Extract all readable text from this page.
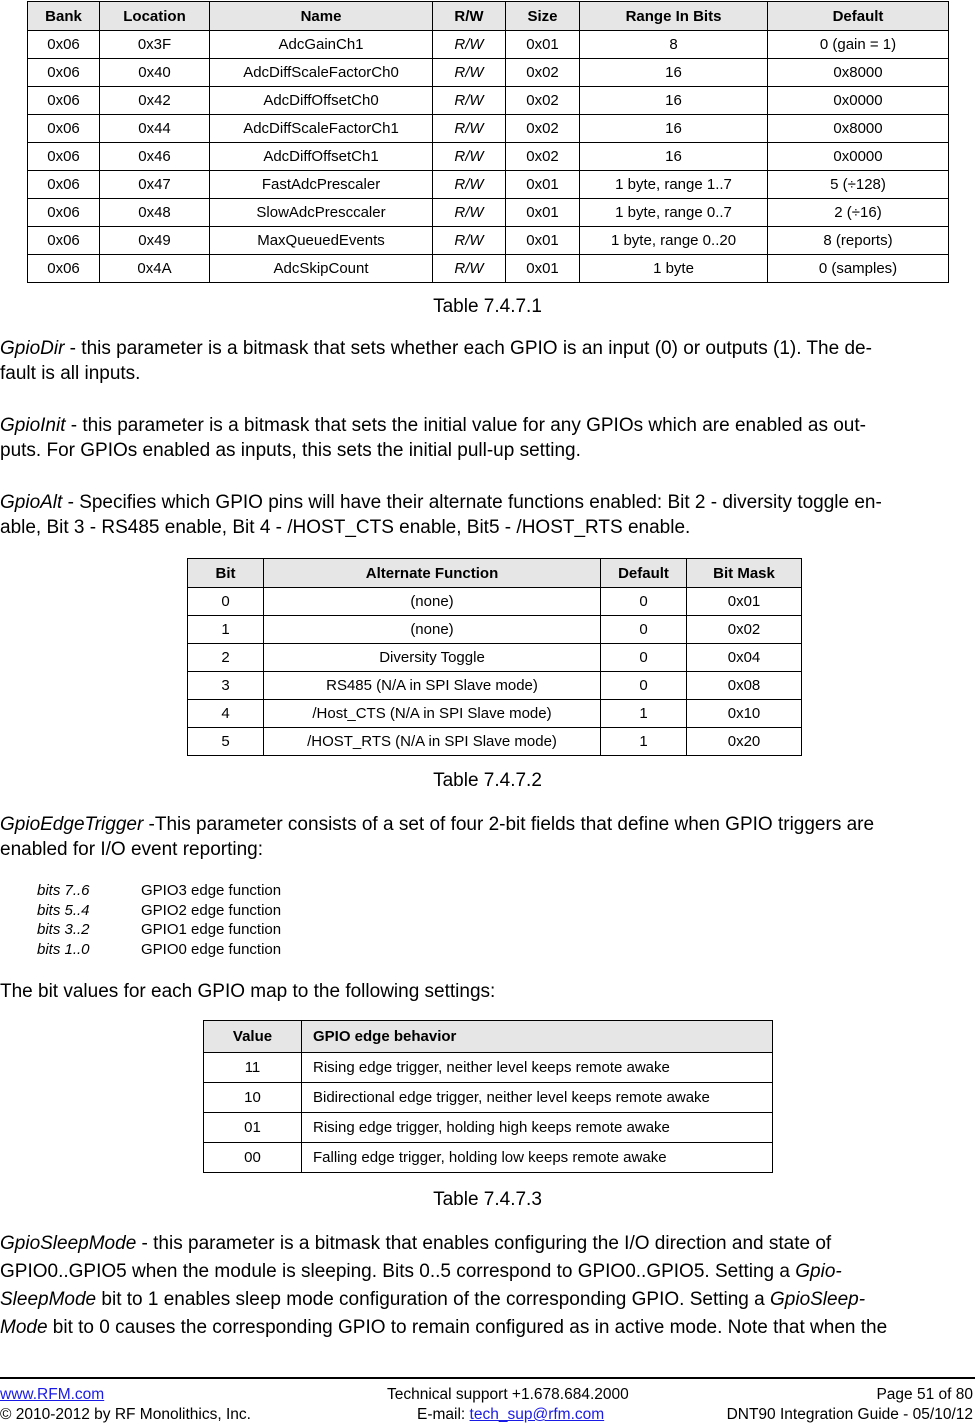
Bank	Location	Name	R/W	Size	Range In Bits	Default
0x06	0x3F	AdcGainCh1	R/W	0x01	8	0 (gain = 1)
0x06	0x40	AdcDiffScaleFactorCh0	R/W	0x02	16	0x8000
0x06	0x42	AdcDiffOffsetCh0	R/W	0x02	16	0x0000
0x06	0x44	AdcDiffScaleFactorCh1	R/W	0x02	16	0x8000
0x06	0x46	AdcDiffOffsetCh1	R/W	0x02	16	0x0000
0x06	0x47	FastAdcPrescaler	R/W	0x01	1 byte, range 1..7	5 (÷128)
0x06	0x48	SlowAdcPresccaler	R/W	0x01	1 byte, range 0..7	2 (÷16)
0x06	0x49	MaxQueuedEvents	R/W	0x01	1 byte, range 0..20	8 (reports)
0x06	0x4A	AdcSkipCount	R/W	0x01	1 byte	0 (samples)
Table 7.4.7.1
GpioDir - this parameter is a bitmask that sets whether each GPIO is an input (0) or outputs (1). The de-
fault is all inputs.
GpioInit - this parameter is a bitmask that sets the initial value for any GPIOs which are enabled as out-
puts. For GPIOs enabled as inputs, this sets the initial pull-up setting.
GpioAlt - Specifies which GPIO pins will have their alternate functions enabled: Bit 2 - diversity toggle en-
able, Bit 3 - RS485 enable, Bit 4 - /HOST_CTS enable, Bit5 - /HOST_RTS enable.
Bit	Alternate Function	Default	Bit Mask
0	(none)	0	0x01
1	(none)	0	0x02
2	Diversity Toggle	0	0x04
3	RS485 (N/A in SPI Slave mode)	0	0x08
4	/Host_CTS (N/A in SPI Slave mode)	1	0x10
5	/HOST_RTS (N/A in SPI Slave mode)	1	0x20
Table 7.4.7.2
GpioEdgeTrigger -This parameter consists of a set of four 2-bit fields that define when GPIO triggers are
enabled for I/O event reporting:
bits 7..6	GPIO3 edge function
bits 5..4	GPIO2 edge function
bits 3..2	GPIO1 edge function
bits 1..0	GPIO0 edge function
The bit values for each GPIO map to the following settings:
Value	GPIO edge behavior
11	Rising edge trigger, neither level keeps remote awake
10	Bidirectional edge trigger, neither level keeps remote awake
01	Rising edge trigger, holding high keeps remote awake
00	Falling edge trigger, holding low keeps remote awake
Table 7.4.7.3
GpioSleepMode - this parameter is a bitmask that enables configuring the I/O direction and state of
GPIO0..GPIO5 when the module is sleeping. Bits 0..5 correspond to GPIO0..GPIO5. Setting a Gpio-
SleepMode bit to 1 enables sleep mode configuration of the corresponding GPIO. Setting a GpioSleep-
Mode bit to 0 causes the corresponding GPIO to remain configured as in active mode. Note that when the
www.RFM.com
© 2010-2012 by RF Monolithics, Inc.
Technical support +1.678.684.2000
E-mail: tech_sup@rfm.com
Page 51 of 80
DNT90 Integration Guide - 05/10/12
